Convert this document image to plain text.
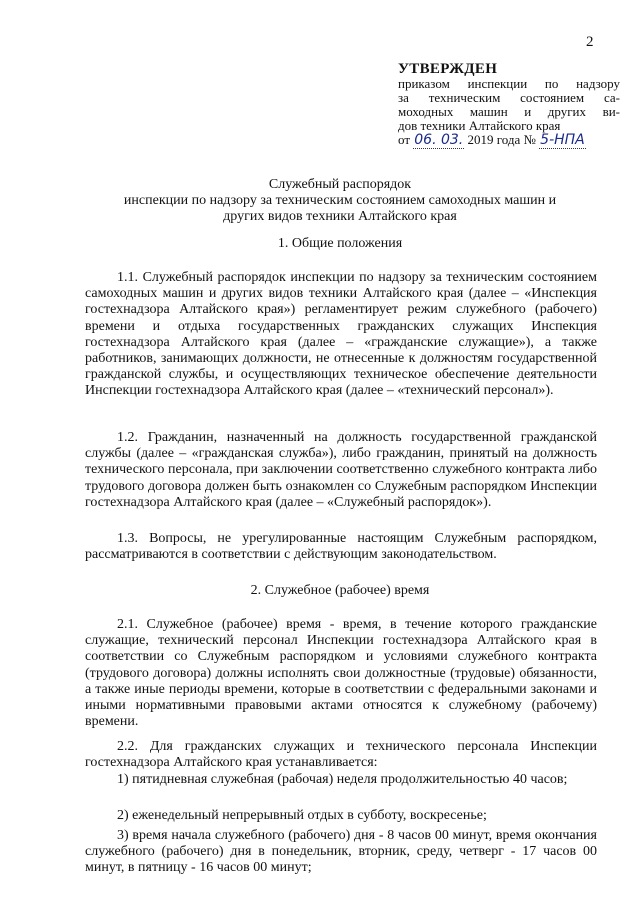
2
УТВЕРЖДЕН
приказом инспекции по надзору
за техническим состоянием са-
моходных машин и других ви-
дов техники Алтайского края
от 06. 03. 2019 года № 5-НПА
Служебный распорядок
инспекции по надзору за техническим состоянием самоходных машин и
других видов техники Алтайского края
1. Общие положения
1.1. Служебный распорядок инспекции по надзору за техническим состоянием самоходных машин и других видов техники Алтайского края (далее – «Инспекция гостехнадзора Алтайского края») регламентирует режим служебного (рабочего) времени и отдыха государственных гражданских служащих Инспекция гостехнадзора Алтайского края (далее – «гражданские служащие»), а также работников, занимающих должности, не отнесенные к должностям государственной гражданской службы, и осуществляющих техническое обеспечение деятельности Инспекции гостехнадзора Алтайского края (далее – «технический персонал»).
1.2. Гражданин, назначенный на должность государственной гражданской службы (далее – «гражданская служба»), либо гражданин, принятый на должность технического персонала, при заключении соответственно служебного контракта либо трудового договора должен быть ознакомлен со Служебным распорядком Инспекции гостехнадзора Алтайского края (далее – «Служебный распорядок»).
1.3. Вопросы, не урегулированные настоящим Служебным распорядком, рассматриваются в соответствии с действующим законодательством.
2. Служебное (рабочее) время
2.1. Служебное (рабочее) время - время, в течение которого гражданские служащие, технический персонал Инспекции гостехнадзора Алтайского края в соответствии со Служебным распорядком и условиями служебного контракта (трудового договора) должны исполнять свои должностные (трудовые) обязанности, а также иные периоды времени, которые в соответствии с федеральными законами и иными нормативными правовыми актами относятся к служебному (рабочему) времени.
2.2. Для гражданских служащих и технического персонала Инспекции гостехнадзора Алтайского края устанавливается:
1) пятидневная служебная (рабочая) неделя продолжительностью 40 часов;
2) еженедельный непрерывный отдых в субботу, воскресенье;
3) время начала служебного (рабочего) дня - 8 часов 00 минут, время окончания служебного (рабочего) дня в понедельник, вторник, среду, четверг - 17 часов 00 минут, в пятницу - 16 часов 00 минут;
